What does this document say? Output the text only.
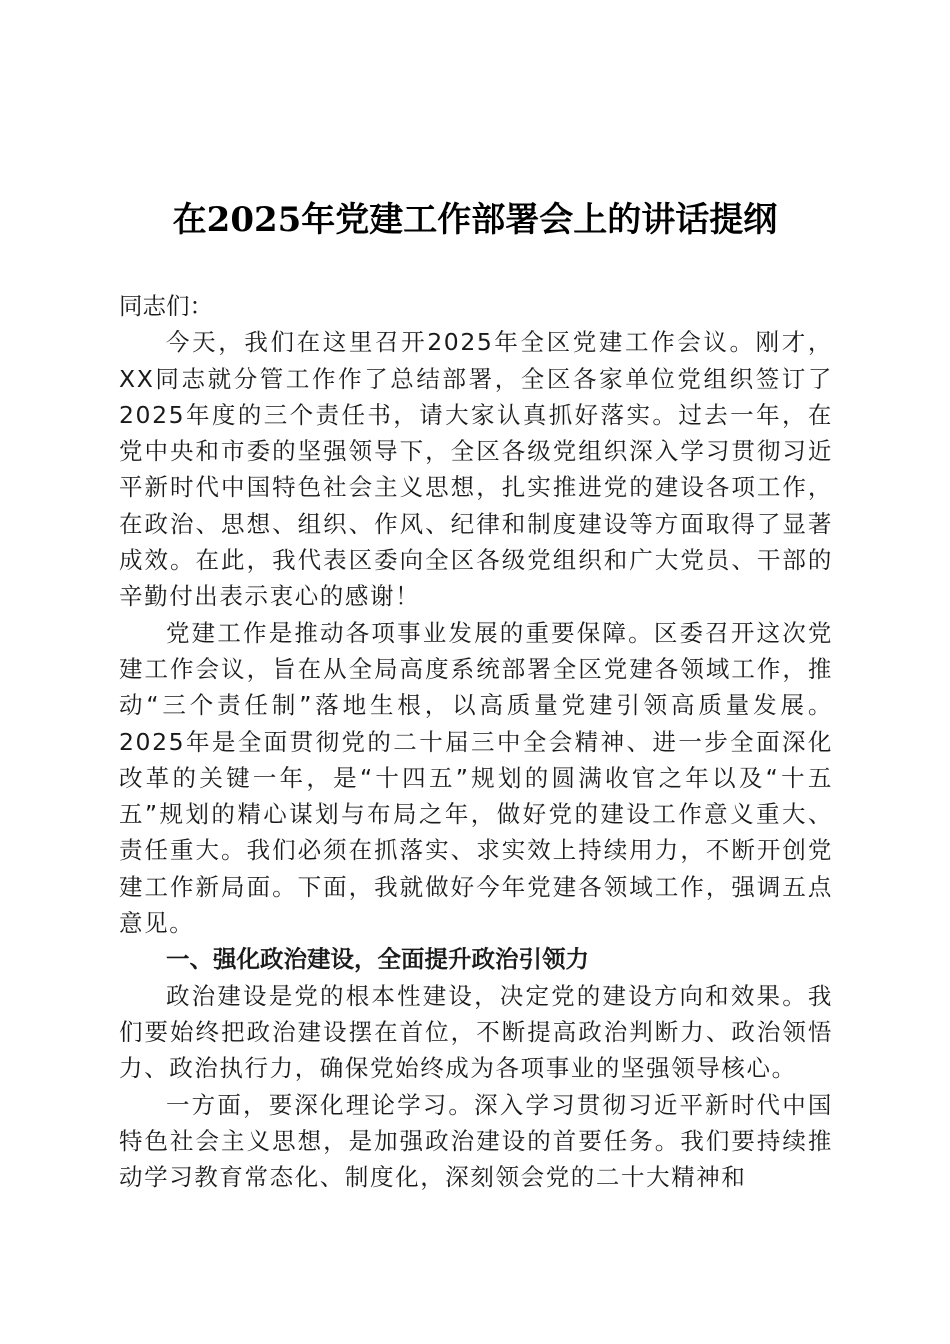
在2025年党建工作部署会上的讲话提纲

同志们：

今天，我们在这里召开2025年全区党建工作会议。刚才，XX同志就分管工作作了总结部署，全区各家单位党组织签订了2025年度的三个责任书，请大家认真抓好落实。过去一年，在党中央和市委的坚强领导下，全区各级党组织深入学习贯彻习近平新时代中国特色社会主义思想，扎实推进党的建设各项工作，在政治、思想、组织、作风、纪律和制度建设等方面取得了显著成效。在此，我代表区委向全区各级党组织和广大党员、干部的辛勤付出表示衷心的感谢！

党建工作是推动各项事业发展的重要保障。区委召开这次党建工作会议，旨在从全局高度系统部署全区党建各领域工作，推动“三个责任制”落地生根，以高质量党建引领高质量发展。2025年是全面贯彻党的二十届三中全会精神、进一步全面深化改革的关键一年，是“十四五”规划的圆满收官之年以及“十五五”规划的精心谋划与布局之年，做好党的建设工作意义重大、责任重大。我们必须在抓落实、求实效上持续用力，不断开创党建工作新局面。下面，我就做好今年党建各领域工作，强调五点意见。

一、强化政治建设，全面提升政治引领力

政治建设是党的根本性建设，决定党的建设方向和效果。我们要始终把政治建设摆在首位，不断提高政治判断力、政治领悟力、政治执行力，确保党始终成为各项事业的坚强领导核心。

一方面，要深化理论学习。深入学习贯彻习近平新时代中国特色社会主义思想，是加强政治建设的首要任务。我们要持续推动学习教育常态化、制度化，深刻领会党的二十大精神和
